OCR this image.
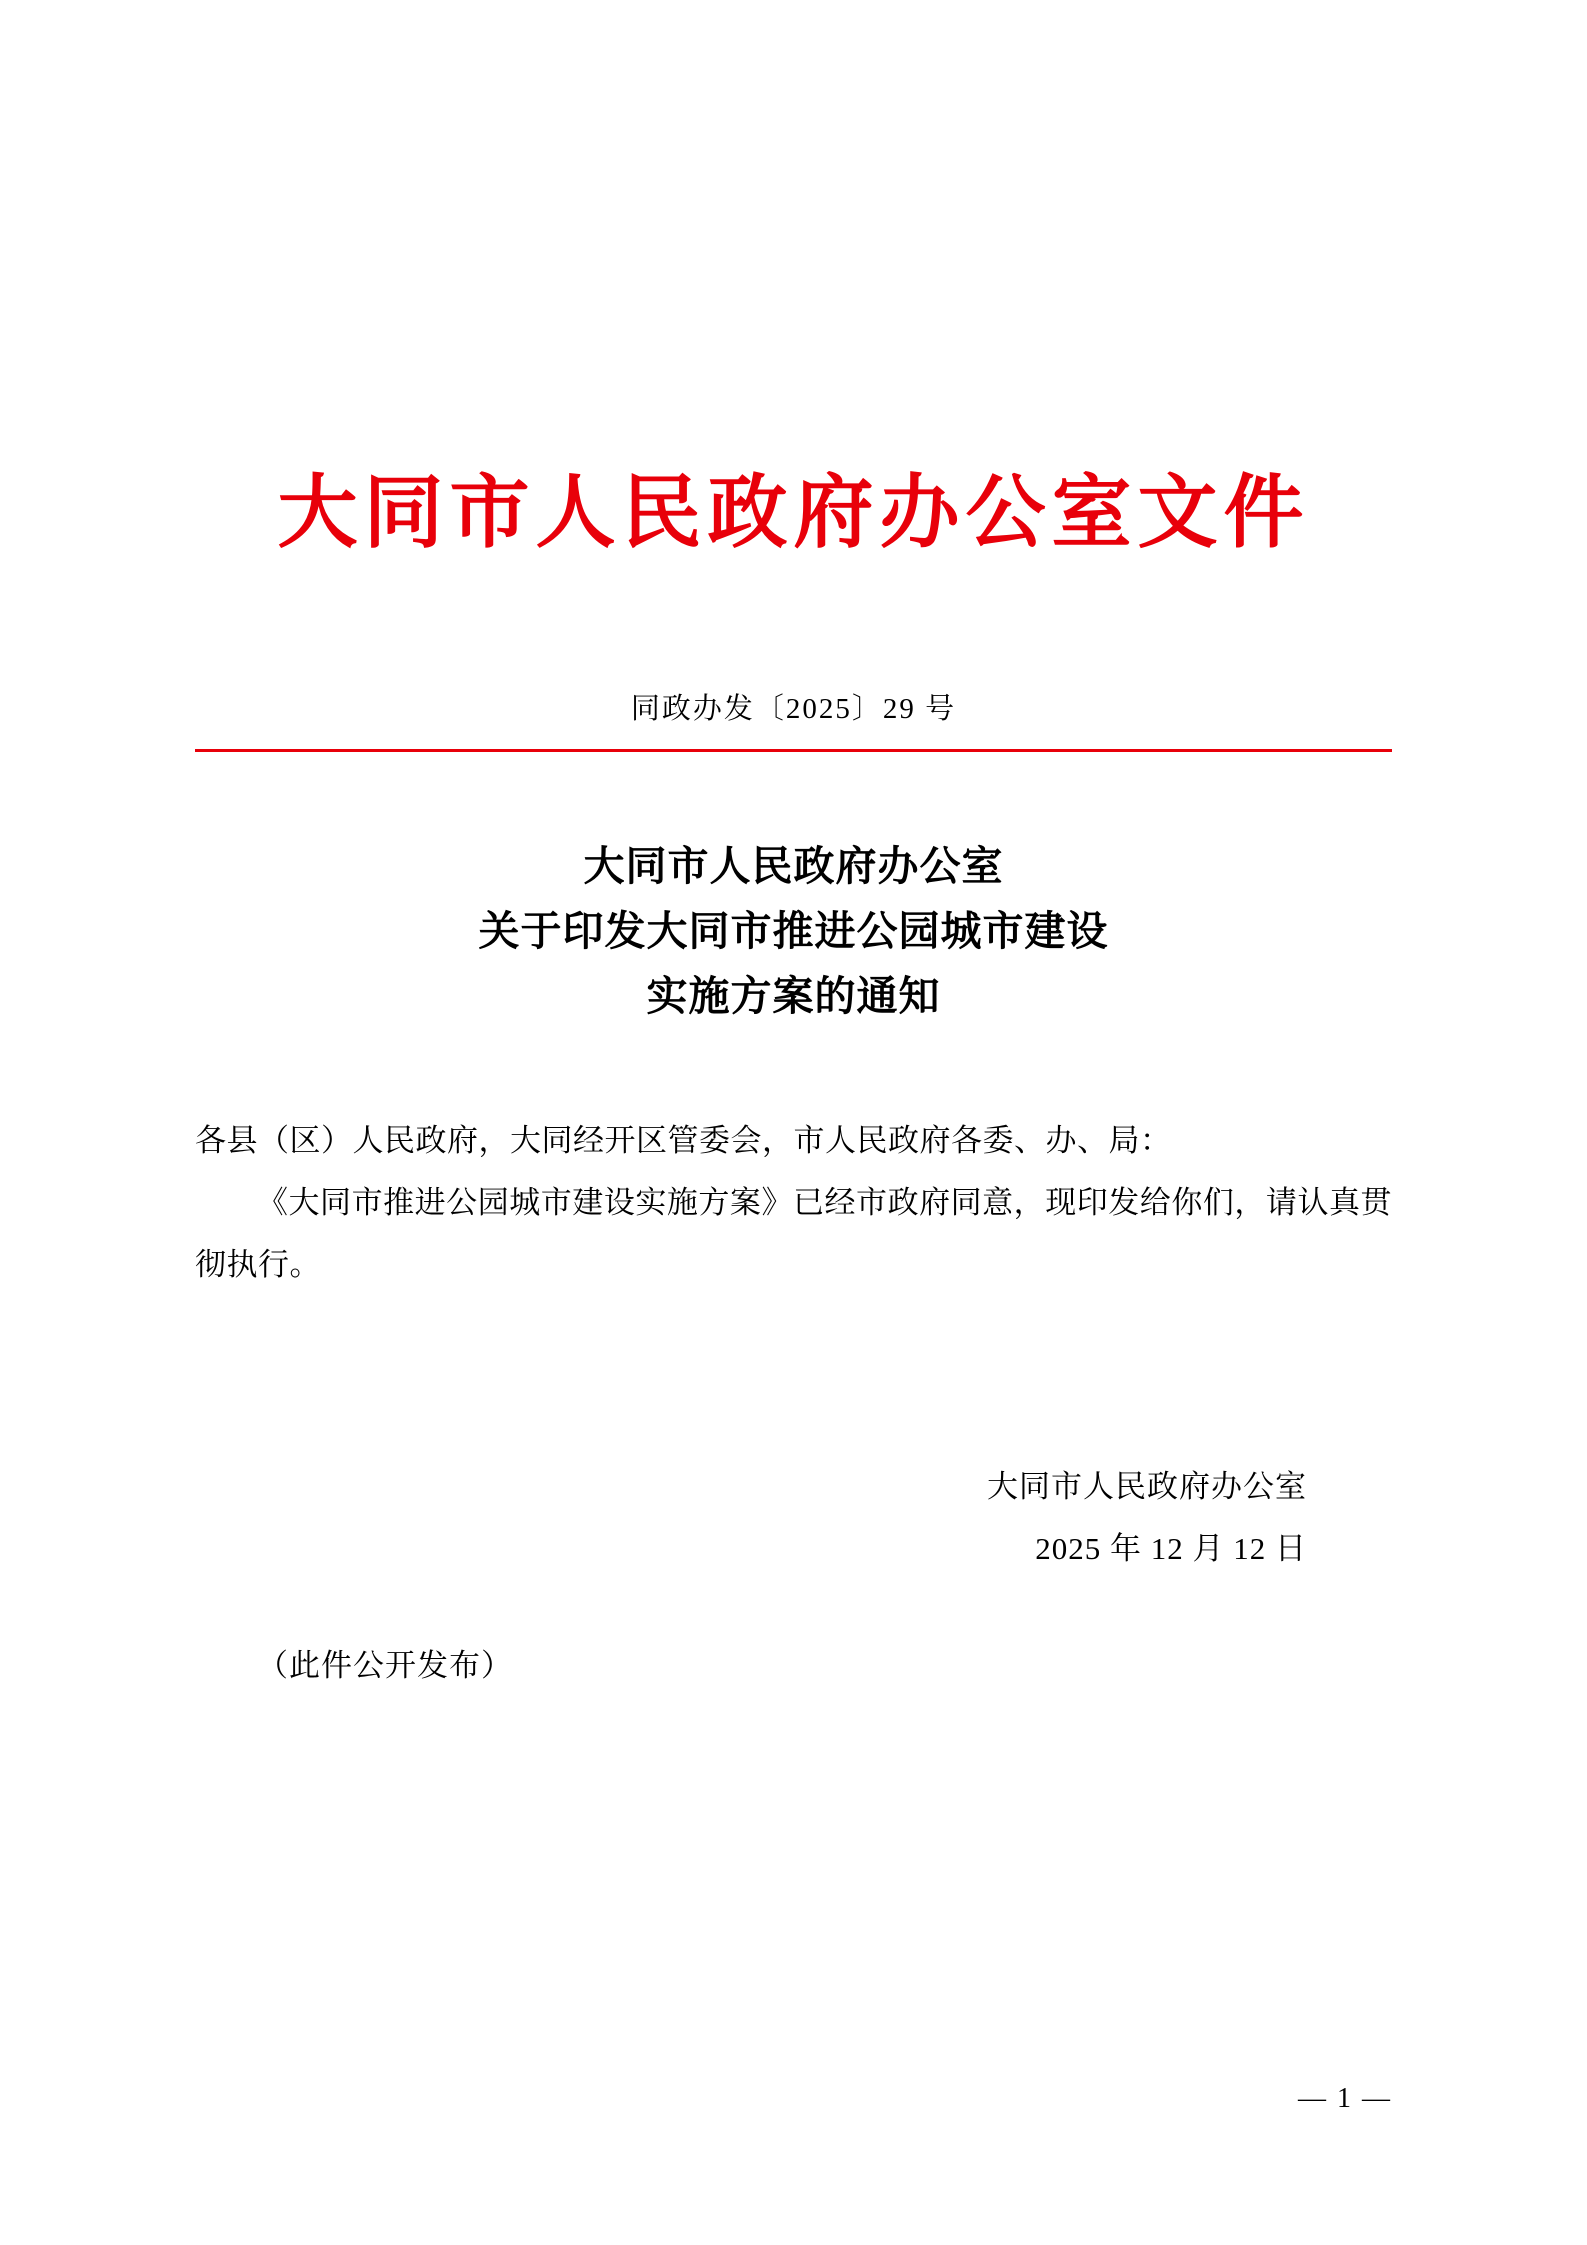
大同市人民政府办公室文件
同政办发〔2025〕29 号
大同市人民政府办公室
关于印发大同市推进公园城市建设
实施方案的通知
各县（区）人民政府，大同经开区管委会，市人民政府各委、办、局：
《大同市推进公园城市建设实施方案》已经市政府同意，现印发给你们，请认真贯彻执行。
大同市人民政府办公室
2025 年 12 月 12 日
（此件公开发布）
— 1 —
